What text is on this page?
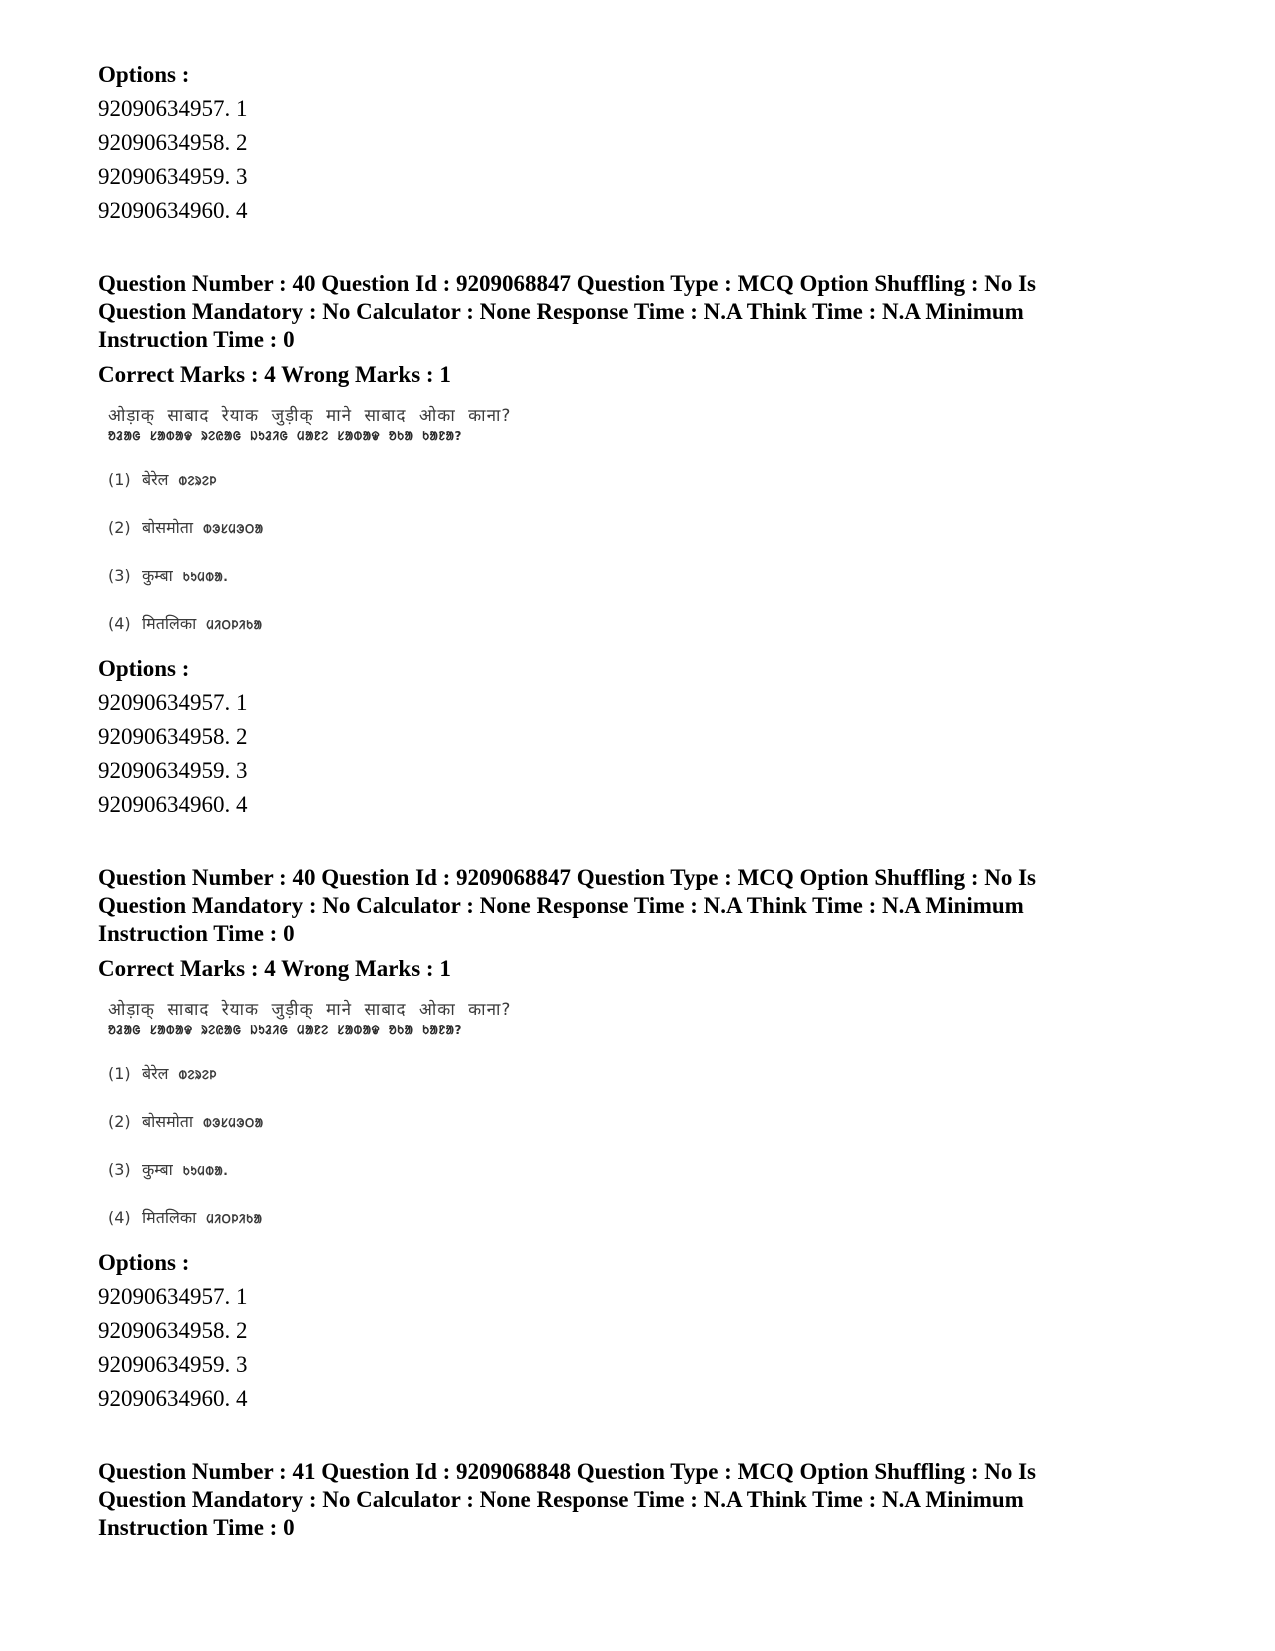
Options :
92090634957. 1
92090634958. 2
92090634959. 3
92090634960. 4
Question Number : 40 Question Id : 9209068847 Question Type : MCQ Option Shuffling : No Is
Question Mandatory : No Calculator : None Response Time : N.A Think Time : N.A Minimum
Instruction Time : 0
Correct Marks : 4 Wrong Marks : 1
ओड़ाक् साबाद रेयाक जुड़ीक् माने साबाद ओका काना?
ᱚᱲᱟᱜ ᱥᱟᱵᱟᱫ ᱨᱮᱭᱟᱜ ᱡᱩᱲᱤᱜ ᱢᱟᱱᱮ ᱥᱟᱵᱟᱫ ᱚᱠᱟ ᱠᱟᱱᱟ?
(1) बेरेल ᱵᱮᱨᱮᱞ
(2) बोसमोता ᱵᱳᱥᱢᱳᱛᱟ
(3) कुम्बा ᱠᱩᱢᱵᱟ.
(4) मितलिका ᱢᱤᱛᱞᱤᱠᱟ
Options :
92090634957. 1
92090634958. 2
92090634959. 3
92090634960. 4
Question Number : 40 Question Id : 9209068847 Question Type : MCQ Option Shuffling : No Is
Question Mandatory : No Calculator : None Response Time : N.A Think Time : N.A Minimum
Instruction Time : 0
Correct Marks : 4 Wrong Marks : 1
ओड़ाक् साबाद रेयाक जुड़ीक् माने साबाद ओका काना?
ᱚᱲᱟᱜ ᱥᱟᱵᱟᱫ ᱨᱮᱭᱟᱜ ᱡᱩᱲᱤᱜ ᱢᱟᱱᱮ ᱥᱟᱵᱟᱫ ᱚᱠᱟ ᱠᱟᱱᱟ?
(1) बेरेल ᱵᱮᱨᱮᱞ
(2) बोसमोता ᱵᱳᱥᱢᱳᱛᱟ
(3) कुम्बा ᱠᱩᱢᱵᱟ.
(4) मितलिका ᱢᱤᱛᱞᱤᱠᱟ
Options :
92090634957. 1
92090634958. 2
92090634959. 3
92090634960. 4
Question Number : 41 Question Id : 9209068848 Question Type : MCQ Option Shuffling : No Is
Question Mandatory : No Calculator : None Response Time : N.A Think Time : N.A Minimum
Instruction Time : 0
